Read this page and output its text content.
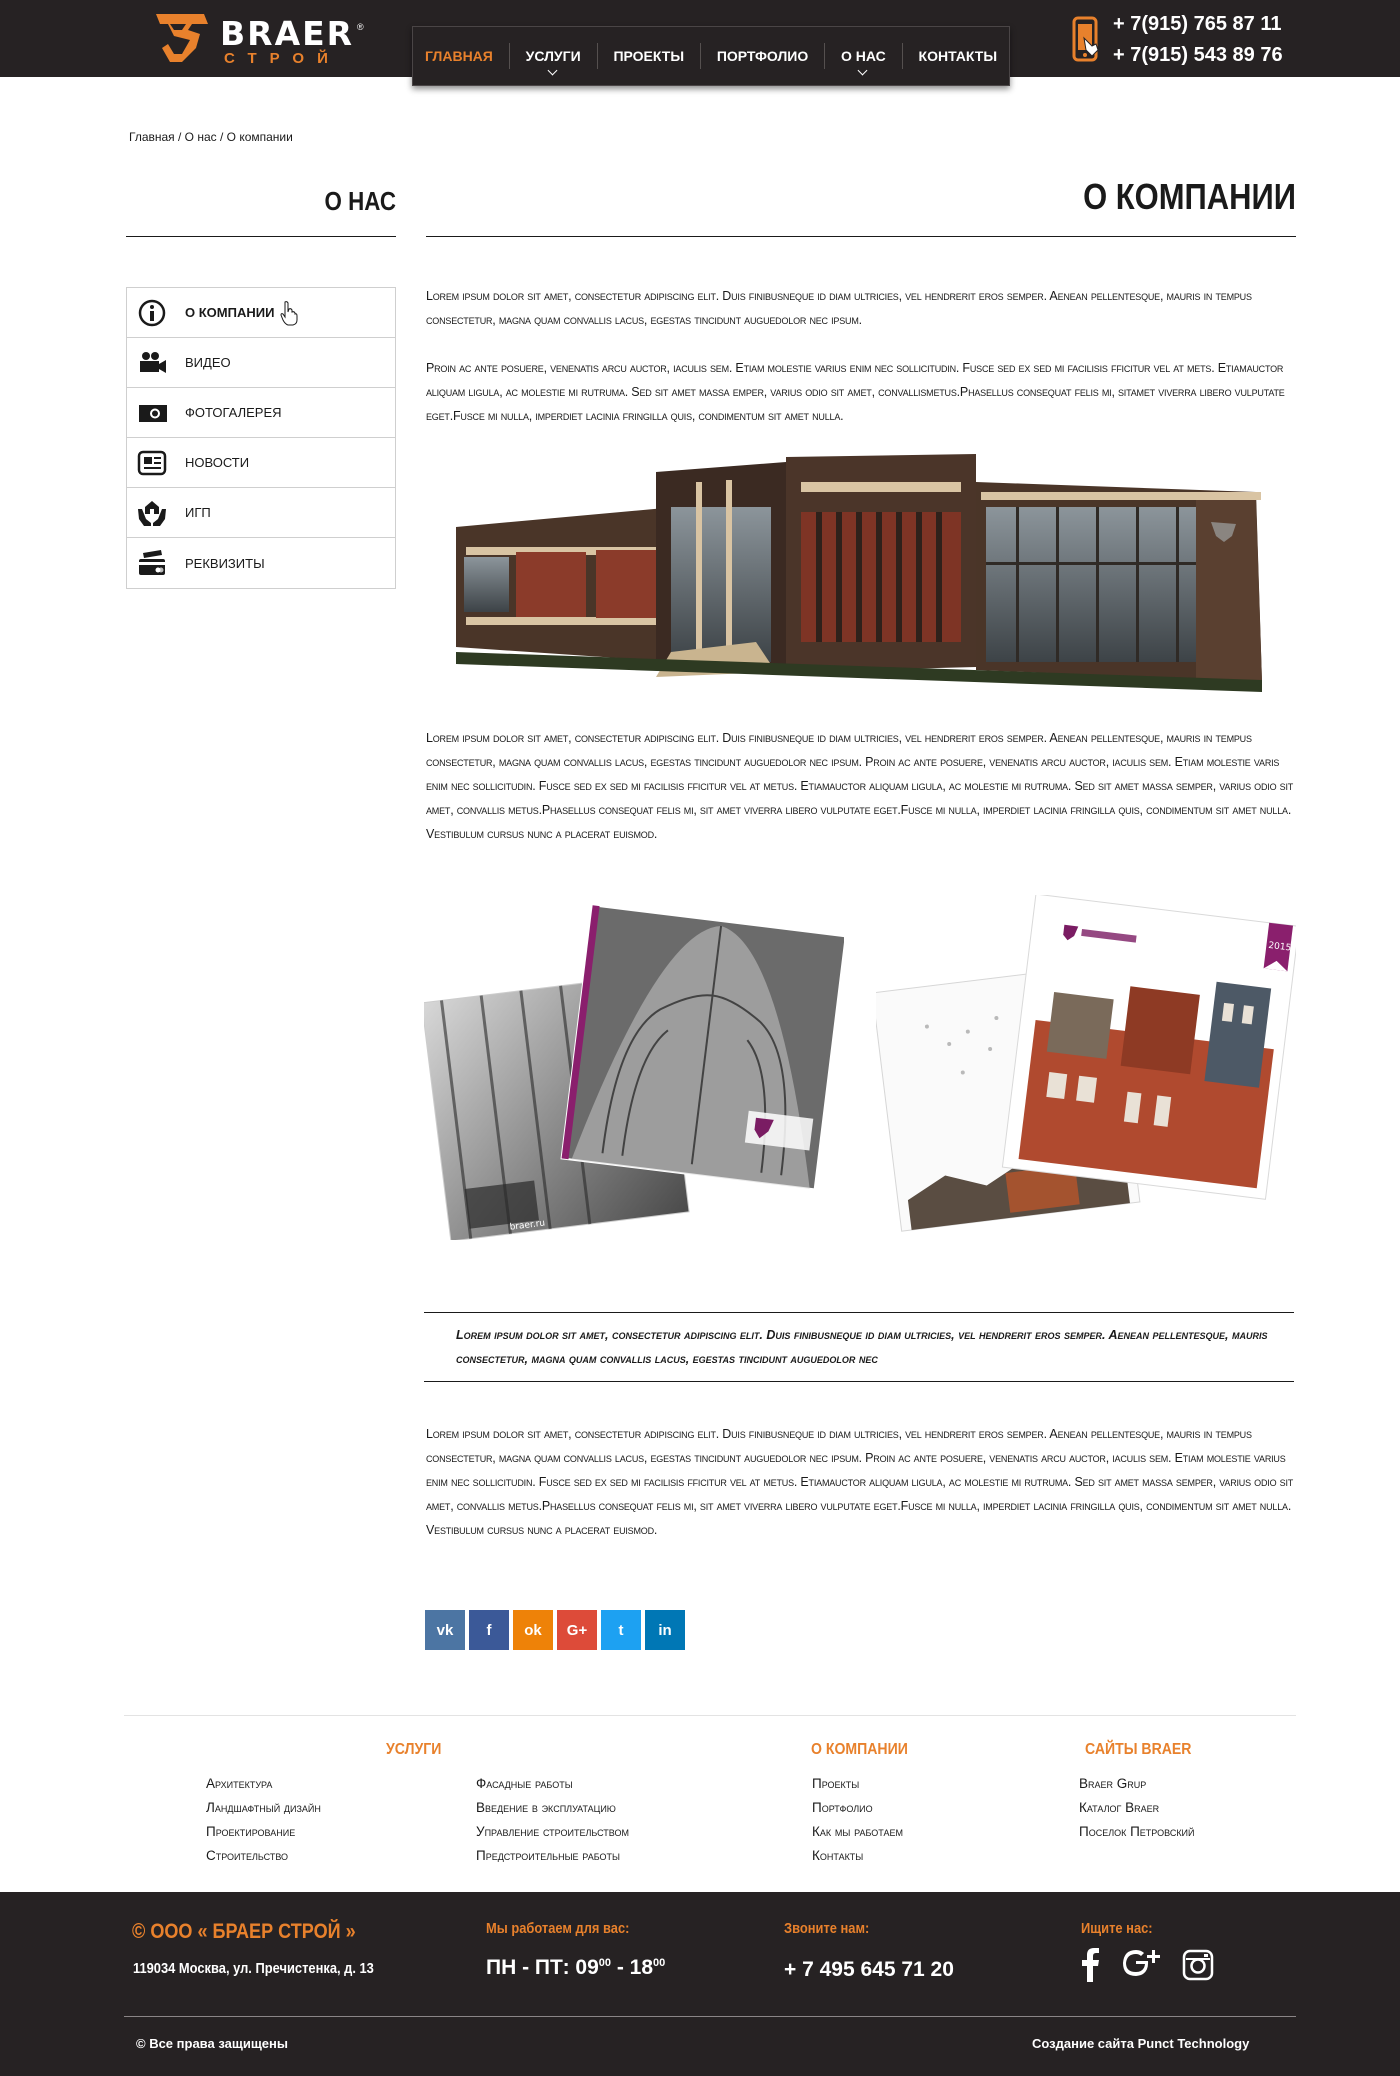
BRAER ®
СТРОЙ	ГЛАВНАЯ УСЛУГИ ПРОЕКТЫ ПОРТФОЛИО О НАС КОНТАКТЫ
+ 7(915) 765 87 11
+ 7(915) 543 89 76
Главная / О нас / О компании
О НАС	О КОМПАНИИ
О КОМПАНИИ
ВИДЕО
ФОТОГАЛЕРЕЯ
НОВОСТИ
ИГП
РЕКВИЗИТЫ
Lorem ipsum dolor sit amet, consectetur adipiscing elit. Duis finibusneque id diam ultricies, vel hendrerit eros semper. Aenean pellentesque, mauris in tempus consectetur, magna quam convallis lacus, egestas tincidunt auguedolor nec ipsum.
Proin ac ante posuere, venenatis arcu auctor, iaculis sem. Etiam molestie varius enim nec sollicitudin. Fusce sed ex sed mi facilisis fficitur vel at mets. Etiamauctor aliquam ligula, ac molestie mi rutruma. Sed sit amet massa emper, varius odio sit amet, convallismetus.Phasellus consequat felis mi, sitamet viverra libero vulputate eget.Fusce mi nulla, imperdiet lacinia fringilla quis, condimentum sit amet nulla.
Lorem ipsum dolor sit amet, consectetur adipiscing elit. Duis finibusneque id diam ultricies, vel hendrerit eros semper. Aenean pellentesque, mauris in tempus consectetur, magna quam convallis lacus, egestas tincidunt auguedolor nec ipsum. Proin ac ante posuere, venenatis arcu auctor, iaculis sem. Etiam molestie varis enim nec sollicitudin. Fusce sed ex sed mi facilisis fficitur vel at metus. Etiamauctor aliquam ligula, ac molestie mi rutruma. Sed sit amet massa semper, varius odio sit amet, convallis metus.Phasellus consequat felis mi, sit amet viverra libero vulputate eget.Fusce mi nulla, imperdiet lacinia fringilla quis, condimentum sit amet nulla. Vestibulum cursus nunc a placerat euismod.
braer.ru
2015
Lorem ipsum dolor sit amet, consectetur adipiscing elit. Duis finibusneque id diam ultricies, vel hendrerit eros semper. Aenean pellentesque, mauris consectetur, magna quam convallis lacus, egestas tincidunt auguedolor nec
Lorem ipsum dolor sit amet, consectetur adipiscing elit. Duis finibusneque id diam ultricies, vel hendrerit eros semper. Aenean pellentesque, mauris in tempus consectetur, magna quam convallis lacus, egestas tincidunt auguedolor nec ipsum. Proin ac ante posuere, venenatis arcu auctor, iaculis sem. Etiam molestie varius enim nec sollicitudin. Fusce sed ex sed mi facilisis fficitur vel at metus. Etiamauctor aliquam ligula, ac molestie mi rutruma. Sed sit amet massa semper, varius odio sit amet, convallis metus.Phasellus consequat felis mi, sit amet viverra libero vulputate eget.Fusce mi nulla, imperdiet lacinia fringilla quis, condimentum sit amet nulla. Vestibulum cursus nunc a placerat euismod.
vk f ok G+ t in
УСЛУГИ
Архитектура
Ландшафтный дизайн
Проектирование
Строительство
Фасадные работы
Введение в эксплуатацию
Управление строительством
Предстроительные работы
О КОМПАНИИ
Проекты
Портфолио
Как мы работаем
Контакты
САЙТЫ BRAER
Braer Grup
Каталог Braer
Поселок Петровский
© ООО « БРАЕР СТРОЙ »
119034 Москва, ул. Пречистенка, д. 13
Мы работаем для вас:
ПН - ПТ: $09^{00} - 18^{00}$
Звоните нам:
+ 7 495 645 71 20
Ищите нас:
© Все права защищены	Создание сайта Punct Technology
